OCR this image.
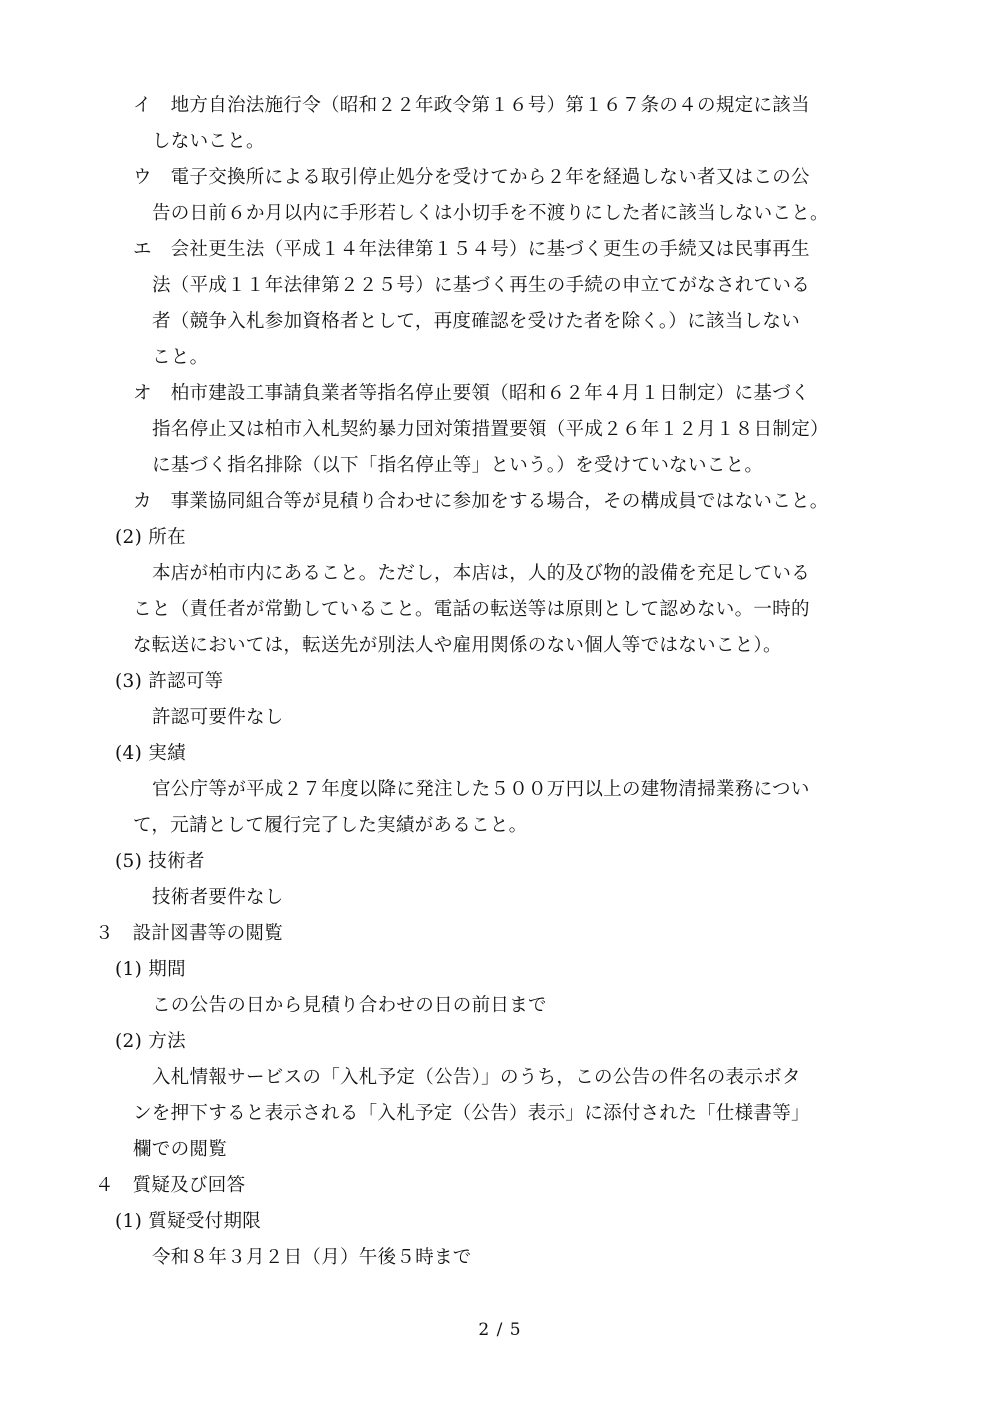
イ　地方自治法施行令（昭和２２年政令第１６号）第１６７条の４の規定に該当
しないこと。
ウ　電子交換所による取引停止処分を受けてから２年を経過しない者又はこの公
告の日前６か月以内に手形若しくは小切手を不渡りにした者に該当しないこと。
エ　会社更生法（平成１４年法律第１５４号）に基づく更生の手続又は民事再生
法（平成１１年法律第２２５号）に基づく再生の手続の申立てがなされている
者（競争入札参加資格者として，再度確認を受けた者を除く。）に該当しない
こと。
オ　柏市建設工事請負業者等指名停止要領（昭和６２年４月１日制定）に基づく
指名停止又は柏市入札契約暴力団対策措置要領（平成２６年１２月１８日制定）
に基づく指名排除（以下「指名停止等」という。）を受けていないこと。
カ　事業協同組合等が見積り合わせに参加をする場合，その構成員ではないこと。
(2) 所在
本店が柏市内にあること。ただし，本店は，人的及び物的設備を充足している
こと（責任者が常勤していること。電話の転送等は原則として認めない。一時的
な転送においては，転送先が別法人や雇用関係のない個人等ではないこと）。
(3) 許認可等
許認可要件なし
(4) 実績
官公庁等が平成２７年度以降に発注した５００万円以上の建物清掃業務につい
て，元請として履行完了した実績があること。
(5) 技術者
技術者要件なし
３　設計図書等の閲覧
(1) 期間
この公告の日から見積り合わせの日の前日まで
(2) 方法
入札情報サービスの「入札予定（公告）」のうち，この公告の件名の表示ボタ
ンを押下すると表示される「入札予定（公告）表示」に添付された「仕様書等」
欄での閲覧
４　質疑及び回答
(1) 質疑受付期限
令和８年３月２日（月）午後５時まで
2 / 5
